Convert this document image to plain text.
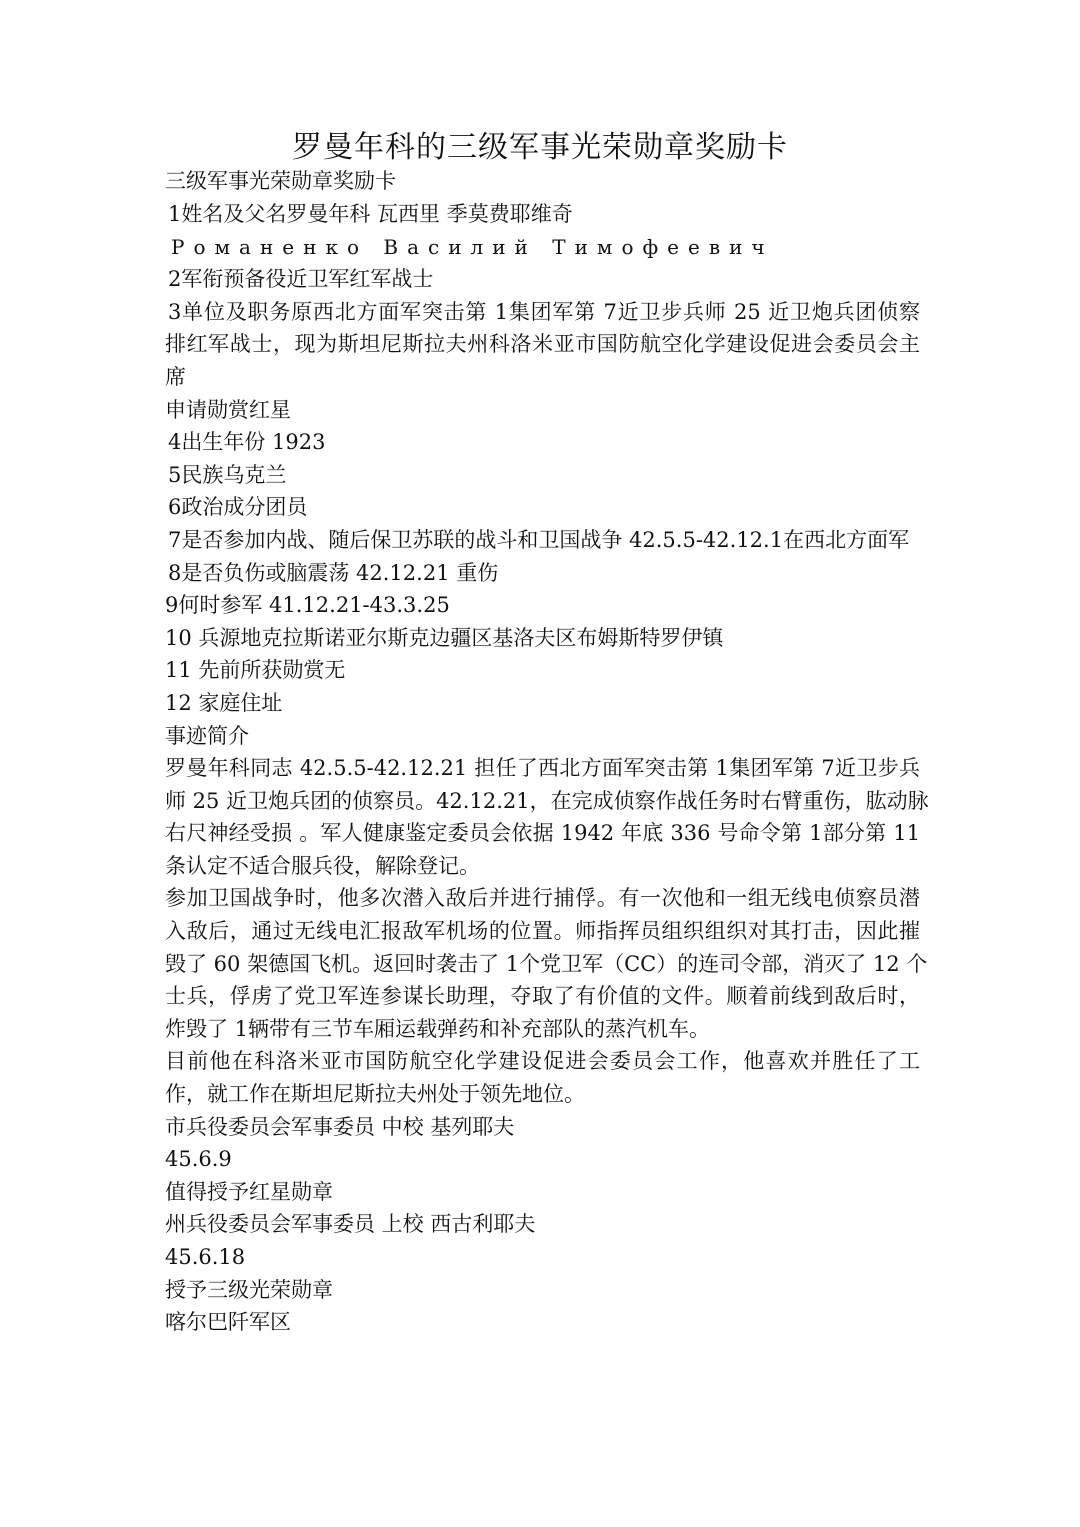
罗曼年科的三级军事光荣勋章奖励卡
三级军事光荣勋章奖励卡
1姓名及父名罗曼年科 瓦西里 季莫费耶维奇
Романенко Василий Тимофеевич
2军衔预备役近卫军红军战士
3单位及职务原西北方面军突击第 1集团军第 7近卫步兵师 25 近卫炮兵团侦察
排红军战士，现为斯坦尼斯拉夫州科洛米亚市国防航空化学建设促进会委员会主
席
申请勋赏红星
4出生年份 1923
5民族乌克兰
6政治成分团员
7是否参加内战、随后保卫苏联的战斗和卫国战争 42.5.5-42.12.1在西北方面军
8是否负伤或脑震荡 42.12.21 重伤
9何时参军 41.12.21-43.3.25
10 兵源地克拉斯诺亚尔斯克边疆区基洛夫区布姆斯特罗伊镇
11 先前所获勋赏无
12 家庭住址
事迹简介
罗曼年科同志 42.5.5-42.12.21 担任了西北方面军突击第 1集团军第 7近卫步兵
师 25 近卫炮兵团的侦察员。42.12.21，在完成侦察作战任务时右臂重伤，肱动脉
右尺神经受损 。军人健康鉴定委员会依据 1942 年底 336 号命令第 1部分第 11
条认定不适合服兵役，解除登记。
参加卫国战争时，他多次潜入敌后并进行捕俘。有一次他和一组无线电侦察员潜
入敌后，通过无线电汇报敌军机场的位置。师指挥员组织组织对其打击，因此摧
毁了 60 架德国飞机。返回时袭击了 1个党卫军（CC）的连司令部，消灭了 12 个
士兵，俘虏了党卫军连参谋长助理，夺取了有价值的文件。顺着前线到敌后时，
炸毁了 1辆带有三节车厢运载弹药和补充部队的蒸汽机车。
目前他在科洛米亚市国防航空化学建设促进会委员会工作，他喜欢并胜任了工
作，就工作在斯坦尼斯拉夫州处于领先地位。
市兵役委员会军事委员 中校 基列耶夫
45.6.9
值得授予红星勋章
州兵役委员会军事委员 上校 西古利耶夫
45.6.18
授予三级光荣勋章
喀尔巴阡军区
